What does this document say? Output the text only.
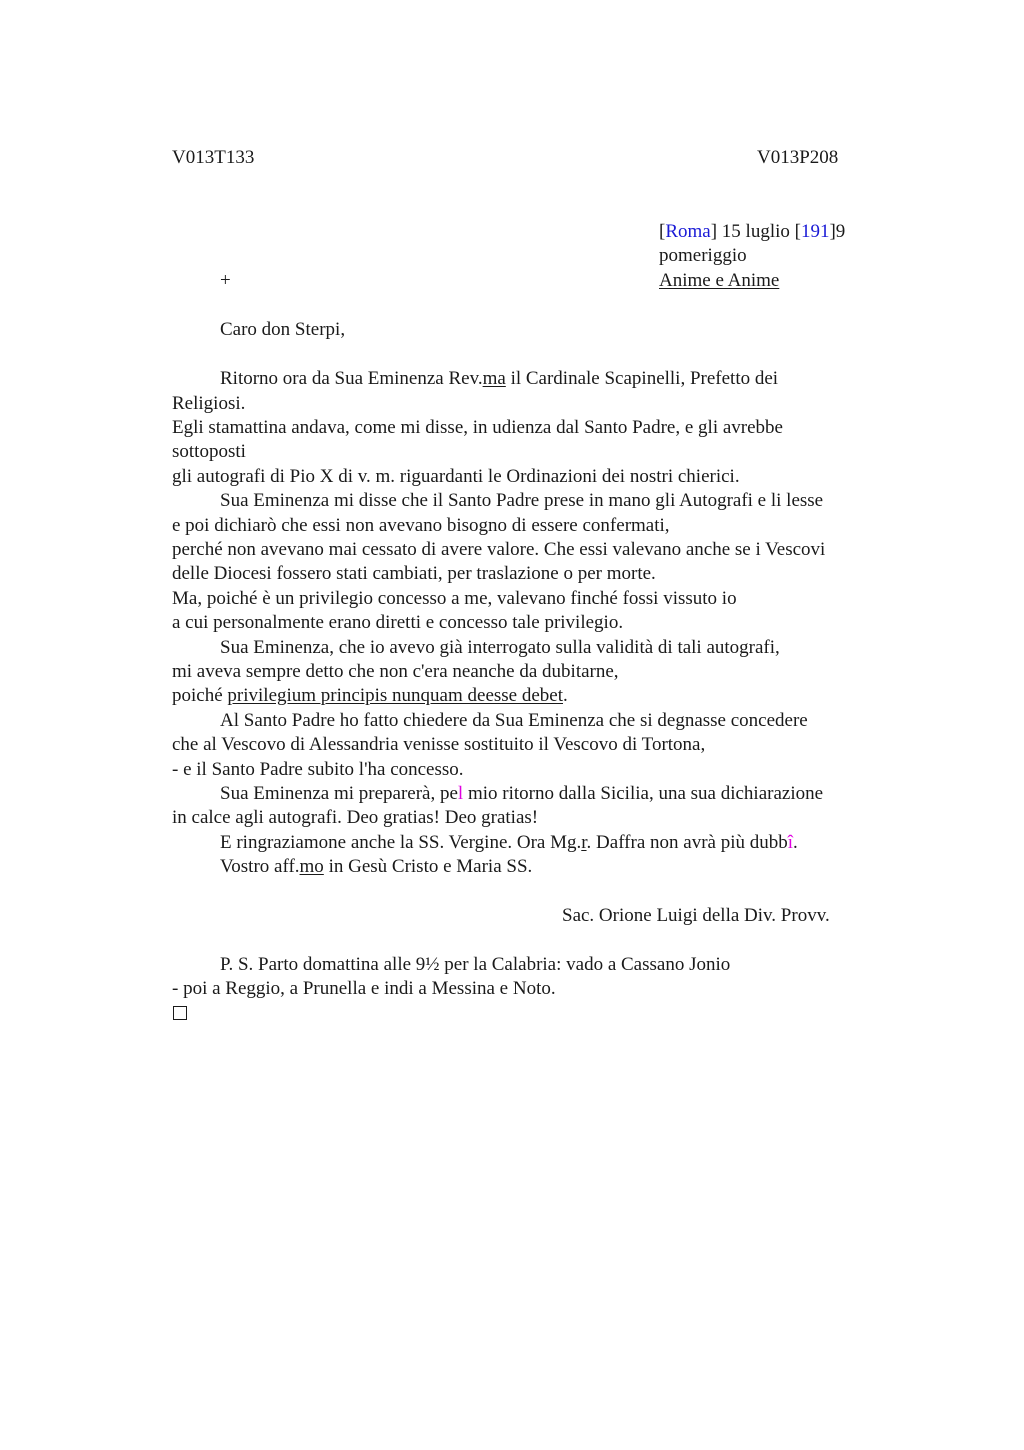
V013T133	V013P208
[Roma] 15 luglio [191]9
pomeriggio
Anime e Anime
+
Caro don Sterpi,
Ritorno ora da Sua Eminenza Rev.ma il Cardinale Scapinelli, Prefetto dei
Religiosi.
Egli stamattina andava, come mi disse, in udienza dal Santo Padre, e gli avrebbe
sottoposti
gli autografi di Pio X di v. m. riguardanti le Ordinazioni dei nostri chierici.
Sua Eminenza mi disse che il Santo Padre prese in mano gli Autografi e li lesse
e poi dichiarò che essi non avevano bisogno di essere confermati,
perché non avevano mai cessato di avere valore. Che essi valevano anche se i Vescovi
delle Diocesi fossero stati cambiati, per traslazione o per morte.
Ma, poiché è un privilegio concesso a me, valevano finché fossi vissuto io
a cui personalmente erano diretti e concesso tale privilegio.
Sua Eminenza, che io avevo già interrogato sulla validità di tali autografi,
mi aveva sempre detto che non c'era neanche da dubitarne,
poiché privilegium principis nunquam deesse debet.
Al Santo Padre ho fatto chiedere da Sua Eminenza che si degnasse concedere
che al Vescovo di Alessandria venisse sostituito il Vescovo di Tortona,
- e il Santo Padre subito l'ha concesso.
Sua Eminenza mi preparerà, pel mio ritorno dalla Sicilia, una sua dichiarazione
in calce agli autografi. Deo gratias! Deo gratias!
E ringraziamone anche la SS. Vergine. Ora Mg.r. Daffra non avrà più dubbî.
Vostro aff.mo in Gesù Cristo e Maria SS.
Sac. Orione Luigi della Div. Provv.
P. S. Parto domattina alle 9½ per la Calabria: vado a Cassano Jonio
- poi a Reggio, a Prunella e indi a Messina e Noto.
